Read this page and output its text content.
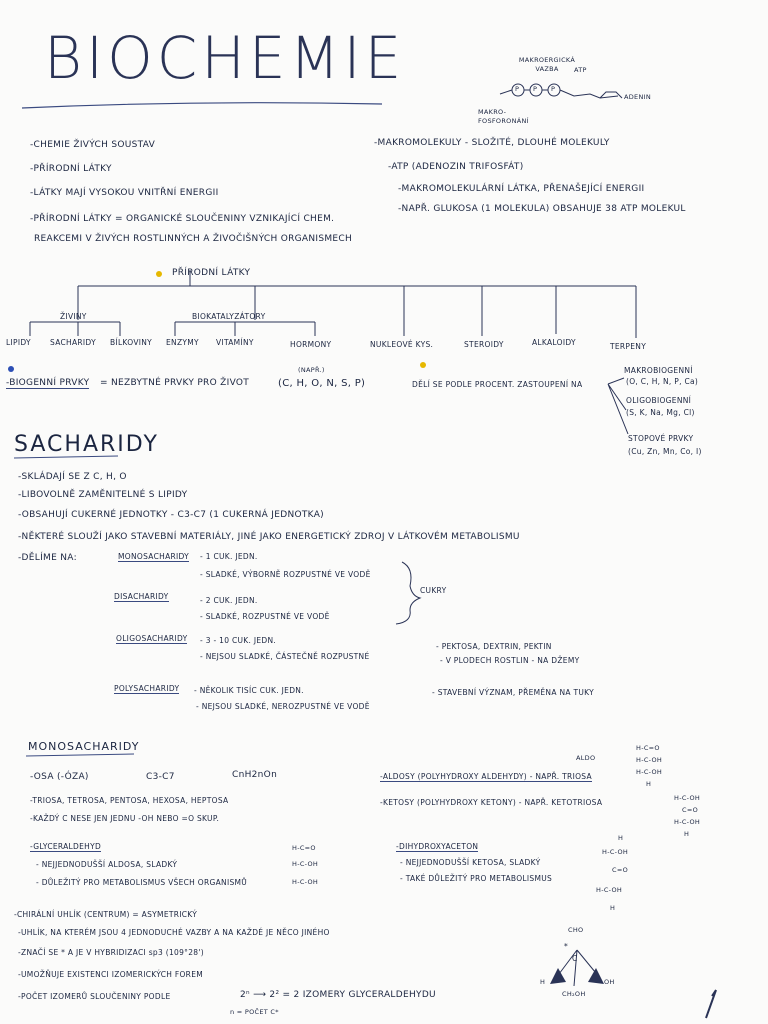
BIOCHEMIE	MAKROERGICKÁ VAZBA	ATP
ADENIN
MAKRO- FOSFORONÁNÍ
P P P
-CHEMIE ŽIVÝCH SOUSTAV
-PŘÍRODNÍ LÁTKY
-LÁTKY MAJÍ VYSOKOU VNITŘNÍ ENERGII
-PŘÍRODNÍ LÁTKY = ORGANICKÉ SLOUČENINY VZNIKAJÍCÍ CHEM.
REAKCEMI V ŽIVÝCH ROSTLINNÝCH A ŽIVOČIŠNÝCH ORGANISMECH
-MAKROMOLEKULY - SLOŽITÉ, DLOUHÉ MOLEKULY
-ATP (ADENOZIN TRIFOSFÁT)
-MAKROMOLEKULÁRNÍ LÁTKA, PŘENAŠEJÍCÍ ENERGII
-NAPŘ. GLUKOSA (1 MOLEKULA) OBSAHUJE 38 ATP MOLEKUL
PŘÍRODNÍ LÁTKY
ŽIVINY	BIOKATALYZÁTORY
LIPIDY	SACHARIDY BÍLKOVINY ENZYMY VITAMÍNY	HORMONY	NUKLEOVÉ KYS.	STEROIDY	ALKALOIDY	TERPENY
-BIOGENNÍ PRVKY = NEZBYTNÉ PRVKY PRO ŽIVOT
(NAPŘ.)
(C, H, O, N, S, P)	DĚLÍ SE PODLE PROCENT. ZASTOUPENÍ NA
MAKROBIOGENNÍ
(O, C, H, N, P, Ca)
OLIGOBIOGENNÍ
(S, K, Na, Mg, Cl)
STOPOVÉ PRVKY
(Cu, Zn, Mn, Co, I)
SACHARIDY
-SKLÁDAJÍ SE Z C, H, O
-LIBOVOLNĚ ZAMĚNITELNÉ S LIPIDY
-OBSAHUJÍ CUKERNÉ JEDNOTKY - C3-C7 (1 CUKERNÁ JEDNOTKA)
-NĚKTERÉ SLOUŽÍ JAKO STAVEBNÍ MATERIÁLY, JINÉ JAKO ENERGETICKÝ ZDROJ V LÁTKOVÉM METABOLISMU
-DĚLÍME NA:	MONOSACHARIDY - 1 CUK. JEDN.
- SLADKÉ, VÝBORNĚ ROZPUSTNÉ VE VODĚ
DISACHARIDY	- 2 CUK. JEDN.
- SLADKÉ, ROZPUSTNÉ VE VODĚ
CUKRY
OLIGOSACHARIDY - 3 - 10 CUK. JEDN.
- NEJSOU SLADKÉ, ČÁSTEČNĚ ROZPUSTNÉ
- PEKTOSA, DEXTRIN, PEKTIN
- V PLODECH ROSTLIN - NA DŽEMY
POLYSACHARIDY - NĚKOLIK TISÍC CUK. JEDN.
- NEJSOU SLADKÉ, NEROZPUSTNÉ VE VODĚ
- STAVEBNÍ VÝZNAM, PŘEMĚNA NA TUKY
MONOSACHARIDY
-OSA (-ÓZA)	C3-C7	CnH2nOn
-TRIOSA, TETROSA, PENTOSA, HEXOSA, HEPTOSA
-KAŽDÝ C NESE JEN JEDNU -OH NEBO =O SKUP.
-ALDOSY (POLYHYDROXY ALDEHYDY) - NAPŘ. TRIOSA
ALDO
-KETOSY (POLYHYDROXY KETONY) - NAPŘ. KETOTRIOSA
-GLYCERALDEHYD
- NEJJEDNODUŠŠÍ ALDOSA, SLADKÝ
- DŮLEŽITÝ PRO METABOLISMUS VŠECH ORGANISMŮ
-DIHYDROXYACETON
- NEJJEDNODUŠŠÍ KETOSA, SLADKÝ
- TAKÉ DŮLEŽITÝ PRO METABOLISMUS
H-C=O
H-C-OH
H-C-OH
H
H-C-OH
C=O
H-C-OH
H
H-C=O
H-C-OH
H-C-OH
H
H-C-OH
C=O
H-C-OH
H
-CHIRÁLNÍ UHLÍK (CENTRUM) = ASYMETRICKÝ
-UHLÍK, NA KTERÉM JSOU 4 JEDNODUCHÉ VAZBY A NA KAŽDÉ JE NĚCO JINÉHO
-ZNAČÍ SE * A JE V HYBRIDIZACI sp3 (109°28')
-UMOŽŇUJE EXISTENCI IZOMERICKÝCH FOREM
-POČET IZOMERŮ SLOUČENINY PODLE	2ⁿ ⟶ 2² = 2 IZOMERY GLYCERALDEHYDU
n = POČET C*
CHO
*
C
H	OH
CH₂OH
